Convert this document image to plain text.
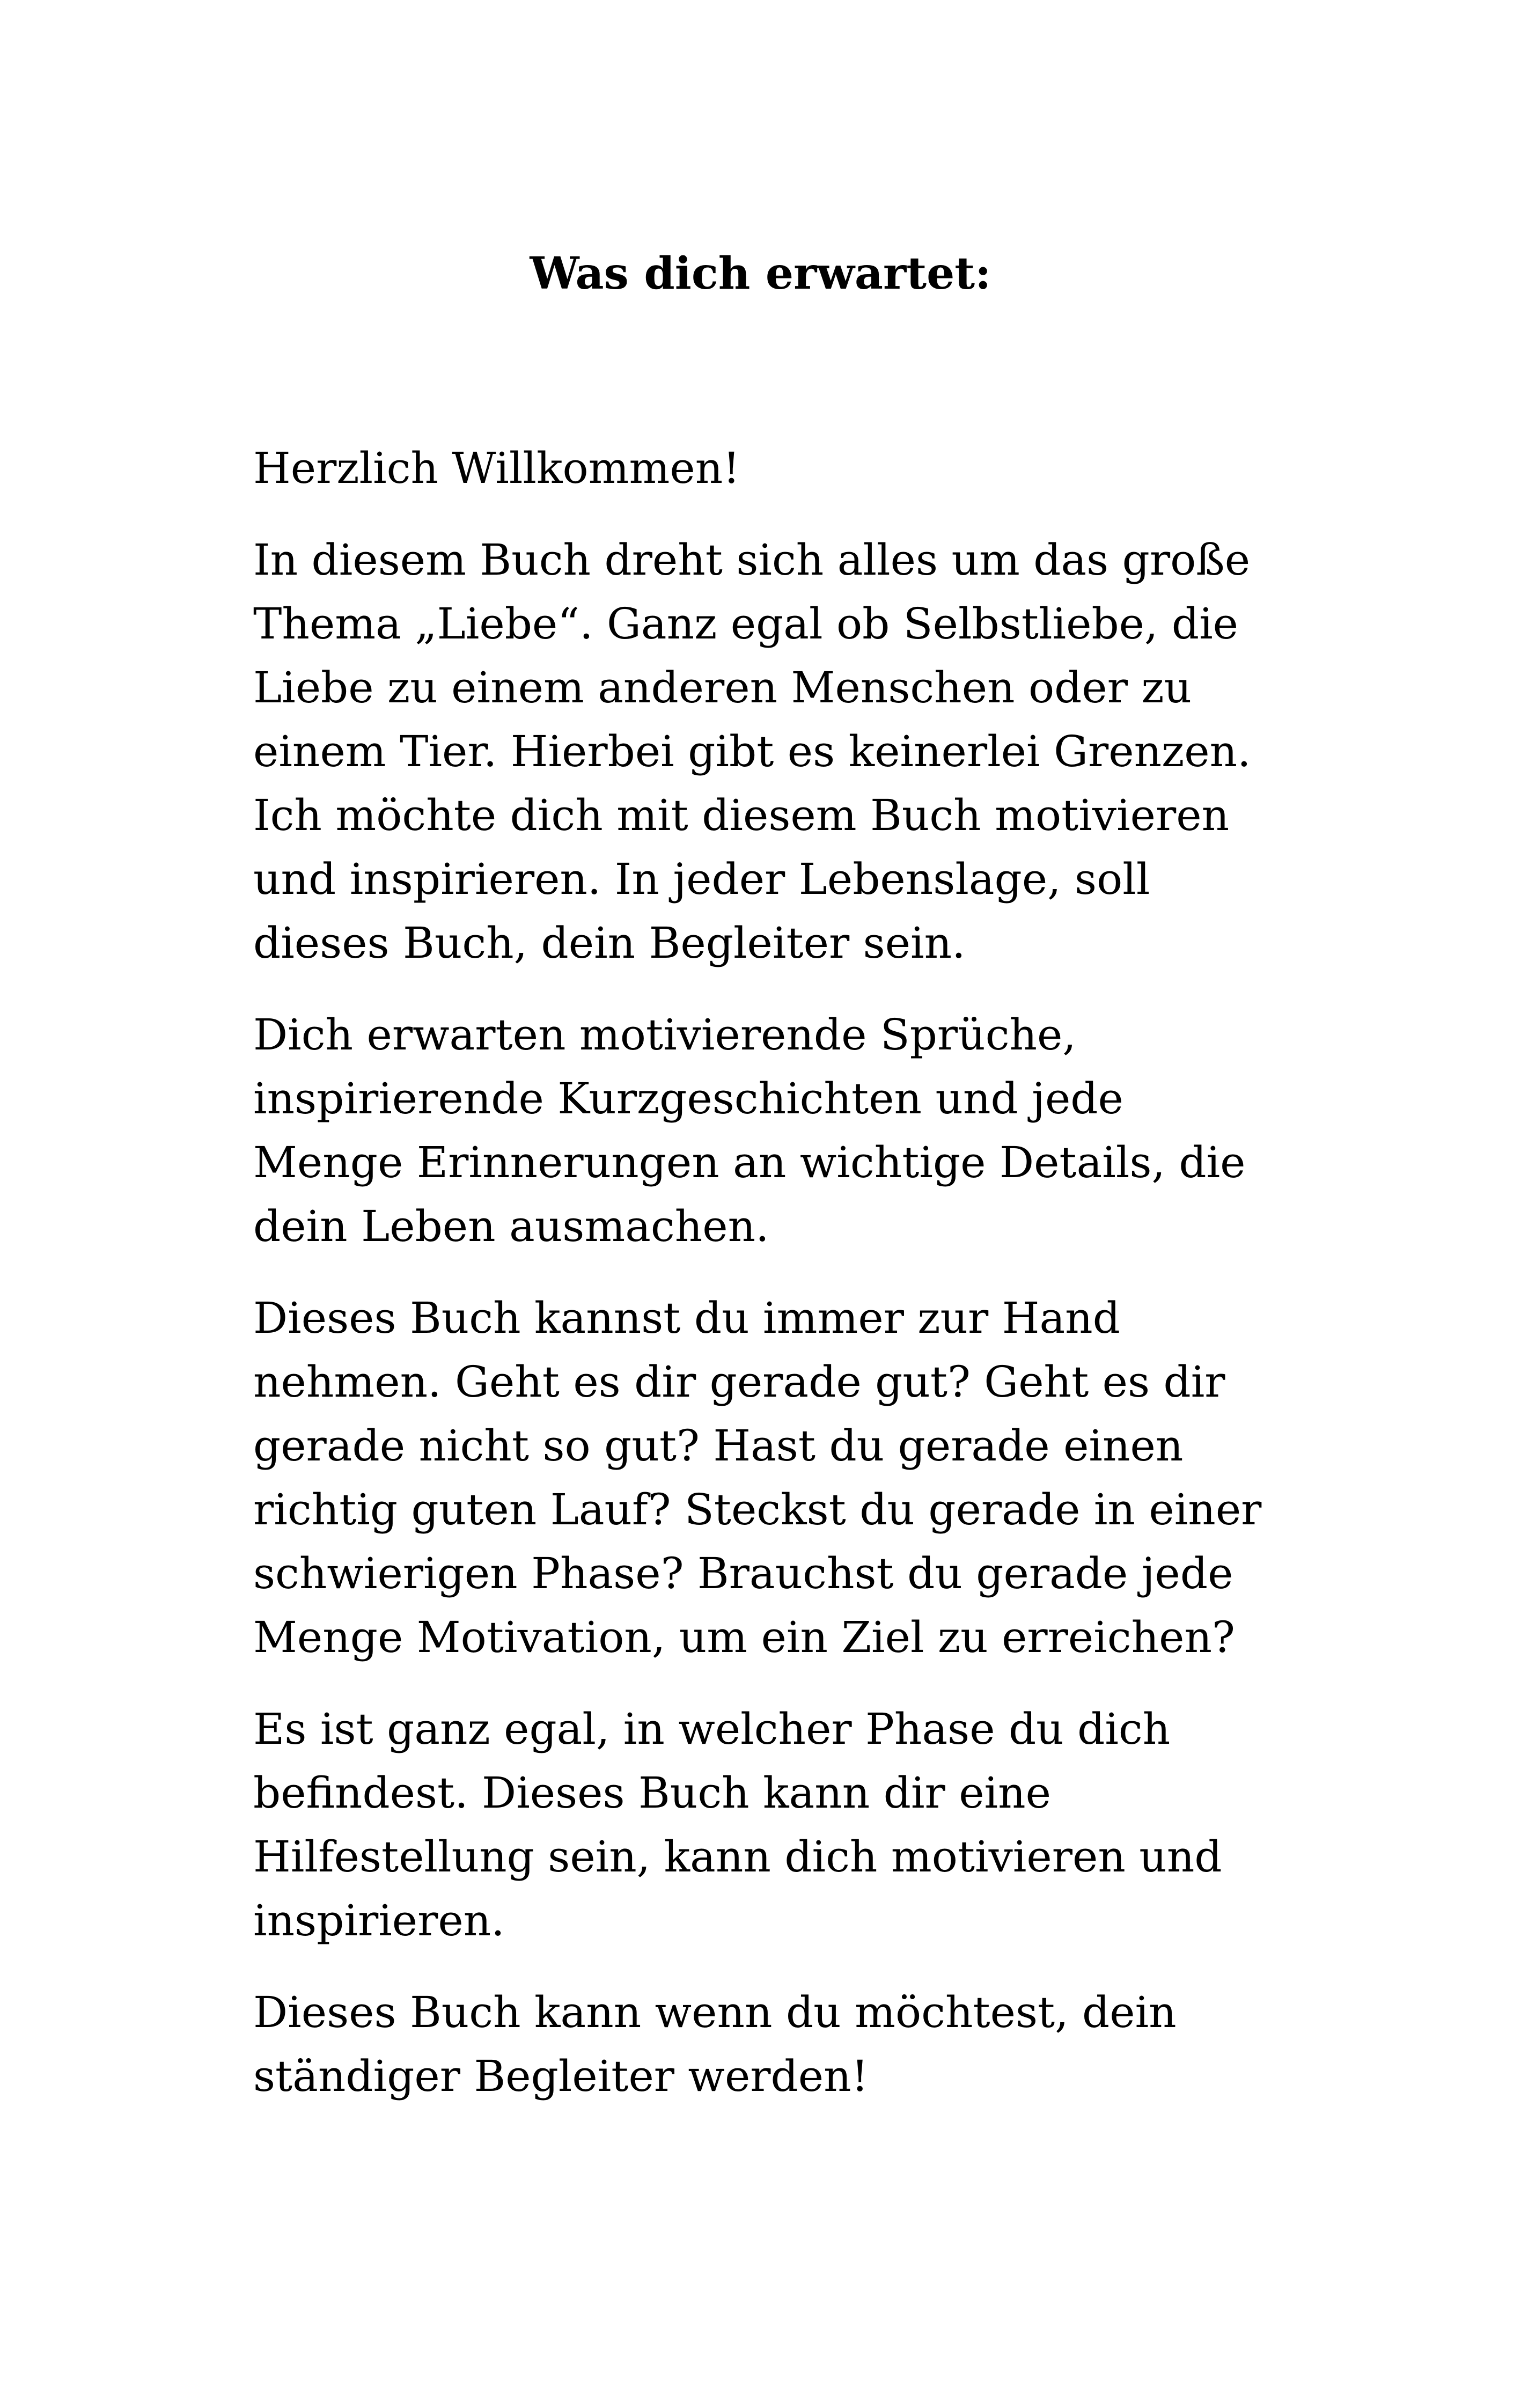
Was dich erwartet:

Herzlich Willkommen!

In diesem Buch dreht sich alles um das große
Thema „Liebe“. Ganz egal ob Selbstliebe, die
Liebe zu einem anderen Menschen oder zu
einem Tier. Hierbei gibt es keinerlei Grenzen.
Ich möchte dich mit diesem Buch motivieren
und inspirieren. In jeder Lebenslage, soll
dieses Buch, dein Begleiter sein.

Dich erwarten motivierende Sprüche,
inspirierende Kurzgeschichten und jede
Menge Erinnerungen an wichtige Details, die
dein Leben ausmachen.

Dieses Buch kannst du immer zur Hand
nehmen. Geht es dir gerade gut? Geht es dir
gerade nicht so gut? Hast du gerade einen
richtig guten Lauf? Steckst du gerade in einer
schwierigen Phase? Brauchst du gerade jede
Menge Motivation, um ein Ziel zu erreichen?

Es ist ganz egal, in welcher Phase du dich
befindest. Dieses Buch kann dir eine
Hilfestellung sein, kann dich motivieren und
inspirieren.

Dieses Buch kann wenn du möchtest, dein
ständiger Begleiter werden!
